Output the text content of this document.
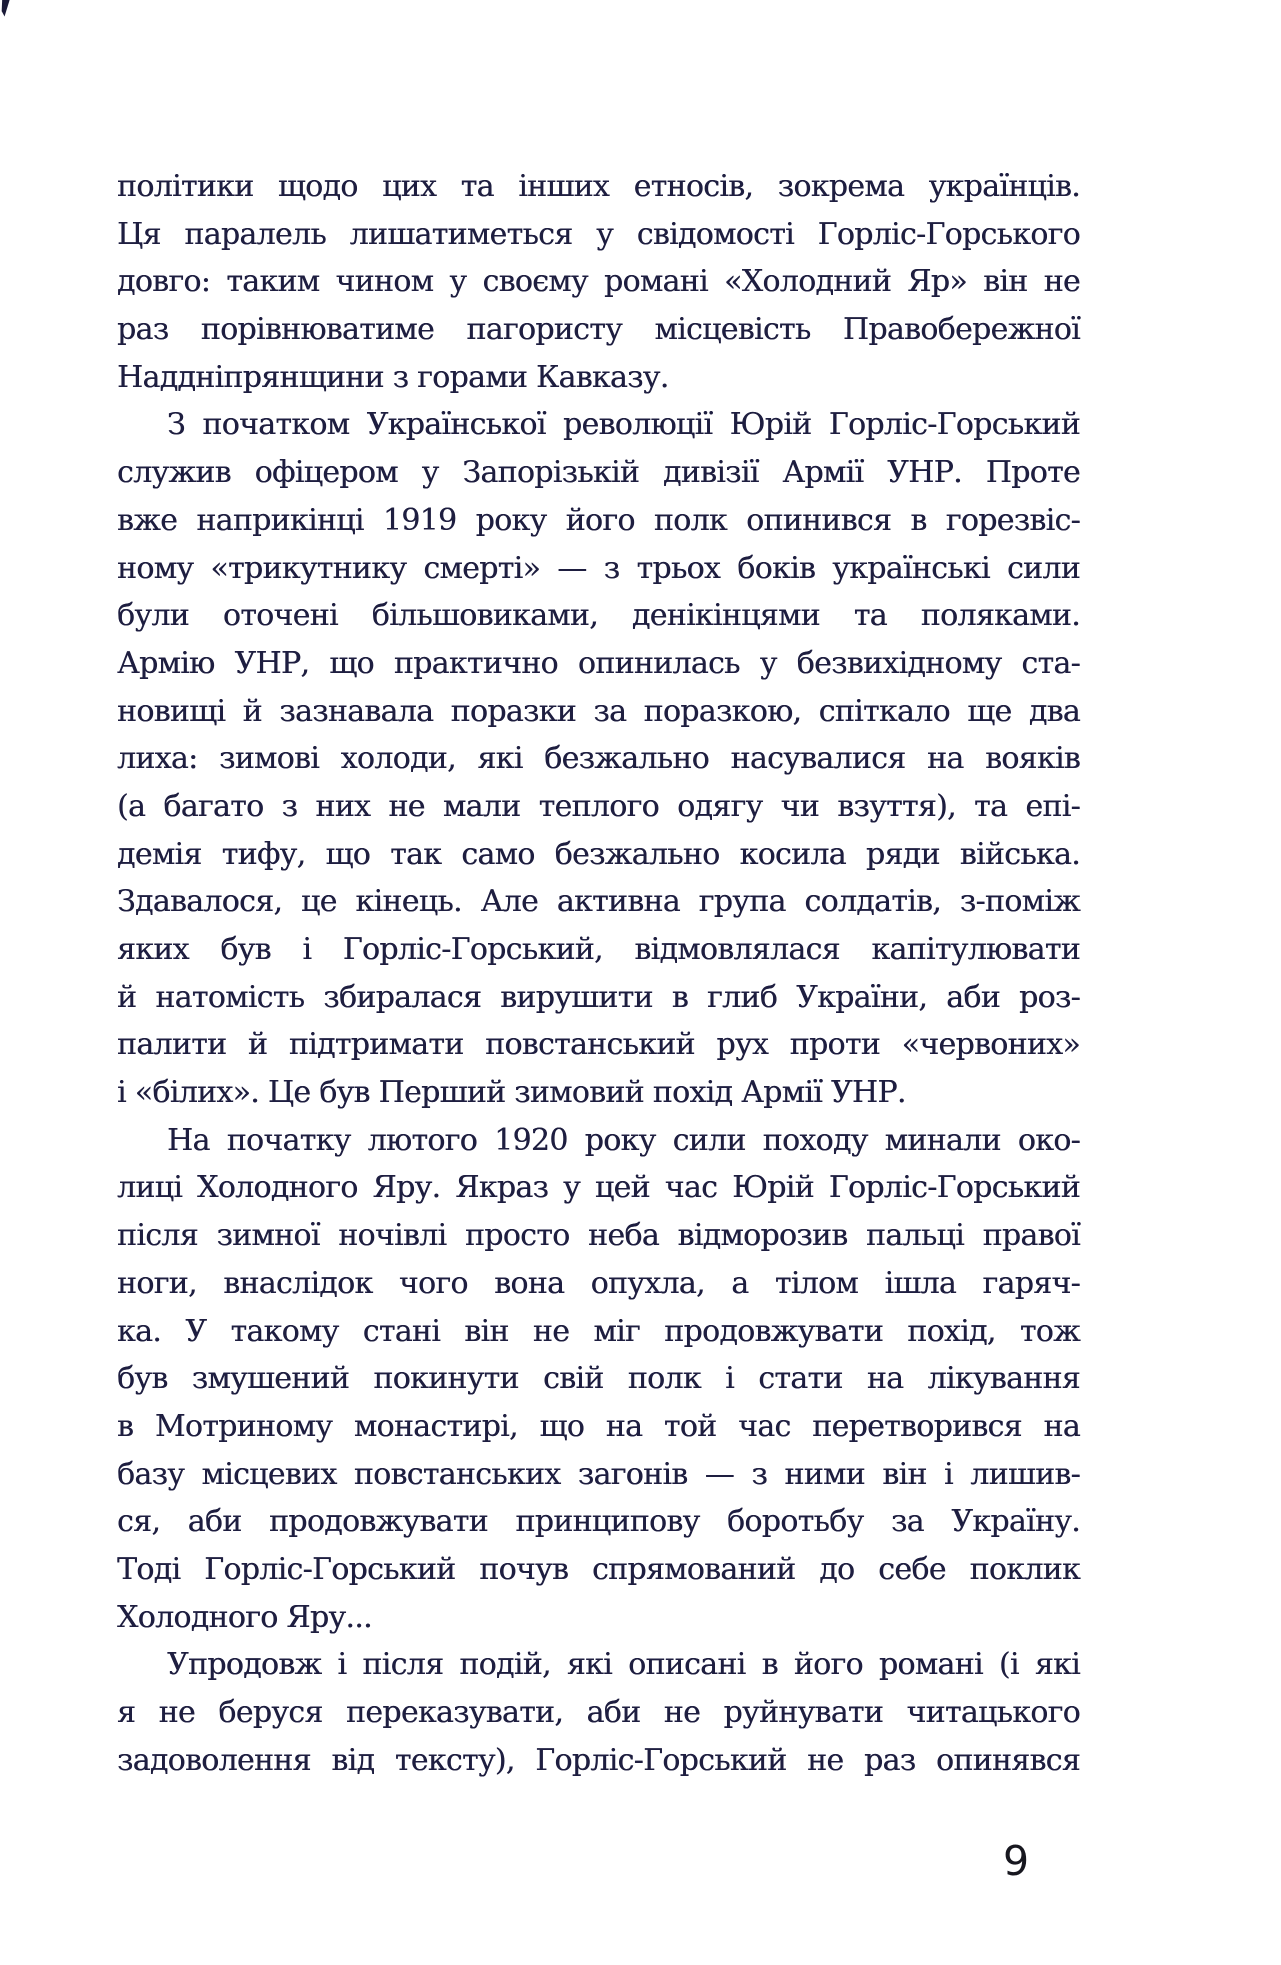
політики щодо цих та інших етносів, зокрема українців.
Ця паралель лишатиметься у свідомості Горліс-Горського
довго: таким чином у своєму романі «Холодний Яр» він не
раз порівнюватиме пагористу місцевість Правобережної
Наддніпрянщини з горами Кавказу.
З початком Української революції Юрій Горліс-Горський
служив офіцером у Запорізькій дивізії Армії УНР. Проте
вже наприкінці 1919 року його полк опинився в горезвіс-
ному «трикутнику смерті» — з трьох боків українські сили
були оточені більшовиками, денікінцями та поляками.
Армію УНР, що практично опинилась у безвихідному ста-
новищі й зазнавала поразки за поразкою, спіткало ще два
лиха: зимові холоди, які безжально насувалися на вояків
(а багато з них не мали теплого одягу чи взуття), та епі-
демія тифу, що так само безжально косила ряди війська.
Здавалося, це кінець. Але активна група солдатів, з-поміж
яких був і Горліс-Горський, відмовлялася капітулювати
й натомість збиралася вирушити в глиб України, аби роз-
палити й підтримати повстанський рух проти «червоних»
і «білих». Це був Перший зимовий похід Армії УНР.
На початку лютого 1920 року сили походу минали око-
лиці Холодного Яру. Якраз у цей час Юрій Горліс-Горський
після зимної ночівлі просто неба відморозив пальці правої
ноги, внаслідок чого вона опухла, а тілом ішла гаряч-
ка. У такому стані він не міг продовжувати похід, тож
був змушений покинути свій полк і стати на лікування
в Мотриному монастирі, що на той час перетворився на
базу місцевих повстанських загонів — з ними він і лишив-
ся, аби продовжувати принципову боротьбу за Україну.
Тоді Горліс-Горський почув спрямований до себе поклик
Холодного Яру...
Упродовж і після подій, які описані в його романі (і які
я не беруся переказувати, аби не руйнувати читацького
задоволення від тексту), Горліс-Горський не раз опинявся
9
